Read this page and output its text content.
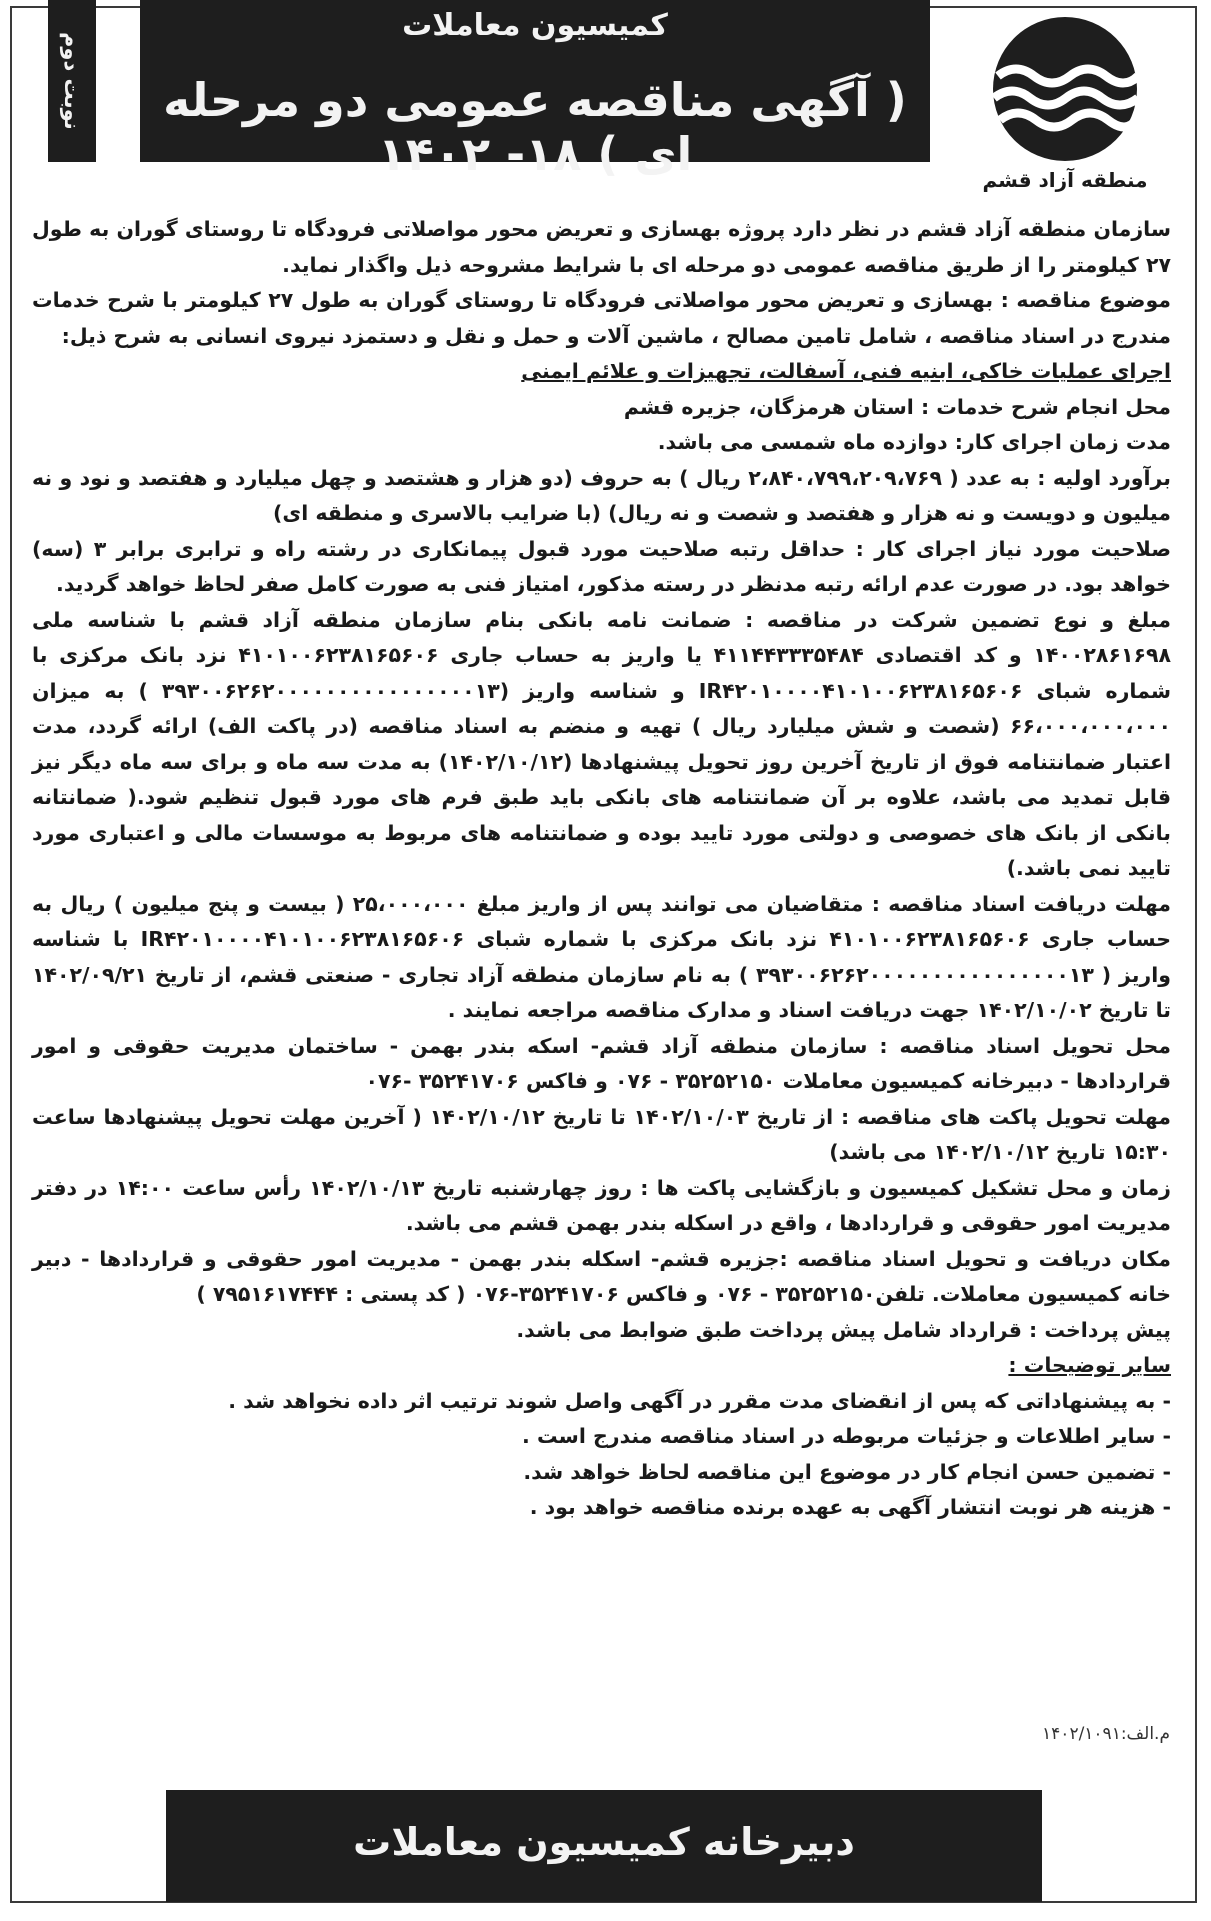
نوبت دوم
کمیسیون معاملات
( آگهی مناقصه عمومی دو مرحله ای ) ۱۸- ۱۴۰۲	منطقه آزاد قشم

سازمان منطقه آزاد قشم در نظر دارد پروژه بهسازی و تعریض محور مواصلاتی فرودگاه تا روستای گوران به طول ۲۷ کیلومتر را از طریق مناقصه عمومی دو مرحله ای با شرایط مشروحه ذیل واگذار نماید.

موضوع مناقصه : بهسازی و تعریض محور مواصلاتی فرودگاه تا روستای گوران به طول ۲۷ کیلومتر با شرح خدمات مندرج در اسناد مناقصه ، شامل تامین مصالح ، ماشین آلات و حمل و نقل و دستمزد نیروی انسانی به شرح ذیل:

اجرای عملیات خاکی، ابنیه فنی، آسفالت، تجهیزات و علائم ایمنی

محل انجام شرح خدمات : استان هرمزگان، جزیره قشم

مدت زمان اجرای کار: دوازده ماه شمسی می باشد.

برآورد اولیه : به عدد ( ۲،۸۴۰،۷۹۹،۲۰۹،۷۶۹ ریال ) به حروف (دو هزار و هشتصد و چهل میلیارد و هفتصد و نود و نه میلیون و دویست و نه هزار و هفتصد و شصت و نه ریال) (با ضرایب بالاسری و منطقه ای)

صلاحیت مورد نیاز اجرای کار : حداقل رتبه صلاحیت مورد قبول پیمانکاری در رشته راه و ترابری برابر ۳ (سه) خواهد بود. در صورت عدم ارائه رتبه مدنظر در رسته مذکور، امتیاز فنی به صورت کامل صفر لحاظ خواهد گردید.

مبلغ و نوع تضمین شرکت در مناقصه : ضمانت نامه بانکی بنام سازمان منطقه آزاد قشم با شناسه ملی ۱۴۰۰۲۸۶۱۶۹۸ و کد اقتصادی ۴۱۱۴۴۳۳۳۵۴۸۴ یا واریز به حساب جاری ۴۱۰۱۰۰۶۲۳۸۱۶۵۶۰۶ نزد بانک مرکزی با شماره شبای IR۴۲۰۱۰۰۰۰۴۱۰۱۰۰۶۲۳۸۱۶۵۶۰۶ و شناسه واریز (۳۹۳۰۰۶۲۶۲۰۰۰۰۰۰۰۰۰۰۰۰۰۰۰۰۱۳ ) به میزان ۶۶،۰۰۰،۰۰۰،۰۰۰ (شصت و شش میلیارد ریال ) تهیه و منضم به اسناد مناقصه (در پاکت الف) ارائه گردد، مدت اعتبار ضمانتنامه فوق از تاریخ آخرین روز تحویل پیشنهادها (۱۴۰۲/۱۰/۱۲) به مدت سه ماه و برای سه ماه دیگر نیز قابل تمدید می باشد، علاوه بر آن ضمانتنامه های بانکی باید طبق فرم های مورد قبول تنظیم شود.( ضمانتانه بانکی از بانک های خصوصی و دولتی مورد تایید بوده و ضمانتنامه های مربوط به موسسات مالی و اعتباری مورد تایید نمی باشد.)

مهلت دریافت اسناد مناقصه : متقاضیان می توانند پس از واریز مبلغ ۲۵،۰۰۰،۰۰۰ ( بیست و پنج میلیون ) ریال به حساب جاری ۴۱۰۱۰۰۶۲۳۸۱۶۵۶۰۶ نزد بانک مرکزی با شماره شبای IR۴۲۰۱۰۰۰۰۴۱۰۱۰۰۶۲۳۸۱۶۵۶۰۶ با شناسه واریز ( ۳۹۳۰۰۶۲۶۲۰۰۰۰۰۰۰۰۰۰۰۰۰۰۰۰۱۳ ) به نام سازمان منطقه آزاد تجاری - صنعتی قشم، از تاریخ ۱۴۰۲/۰۹/۲۱ تا تاریخ ۱۴۰۲/۱۰/۰۲ جهت دریافت اسناد و مدارک مناقصه مراجعه نمایند .

محل تحویل اسناد مناقصه : سازمان منطقه آزاد قشم- اسکه بندر بهمن - ساختمان مدیریت حقوقی و امور قراردادها - دبیرخانه کمیسیون معاملات ۳۵۲۵۲۱۵۰ - ۰۷۶ و فاکس ۳۵۲۴۱۷۰۶ -۰۷۶

مهلت تحویل پاکت های مناقصه : از تاریخ ۱۴۰۲/۱۰/۰۳ تا تاریخ ۱۴۰۲/۱۰/۱۲ ( آخرین مهلت تحویل پیشنهادها ساعت ۱۵:۳۰ تاریخ ۱۴۰۲/۱۰/۱۲ می باشد)

زمان و محل تشکیل کمیسیون و بازگشایی پاکت ها : روز چهارشنبه تاریخ ۱۴۰۲/۱۰/۱۳ رأس ساعت ۱۴:۰۰ در دفتر مدیریت امور حقوقی و قراردادها ، واقع در اسکله بندر بهمن قشم می باشد.

مکان دریافت و تحویل اسناد مناقصه :جزیره قشم- اسکله بندر بهمن - مدیریت امور حقوقی و قراردادها - دبیر خانه کمیسیون معاملات. تلفن۳۵۲۵۲۱۵۰ - ۰۷۶ و فاکس ۳۵۲۴۱۷۰۶-۰۷۶ ( کد پستی : ۷۹۵۱۶۱۷۴۴۴ )

پیش پرداخت : قرارداد شامل پیش پرداخت طبق ضوابط می باشد.

سایر توضیحات :

- به پیشنهاداتی که پس از انقضای مدت مقرر در آگهی واصل شوند ترتیب اثر داده نخواهد شد .

- سایر اطلاعات و جزئیات مربوطه در اسناد مناقصه مندرج است .

- تضمین حسن انجام کار در موضوع این مناقصه لحاظ خواهد شد.

- هزینه هر نوبت انتشار آگهی به عهده برنده مناقصه خواهد بود .

م.الف:۱۴۰۲/۱۰۹۱
دبیرخانه کمیسیون معاملات
